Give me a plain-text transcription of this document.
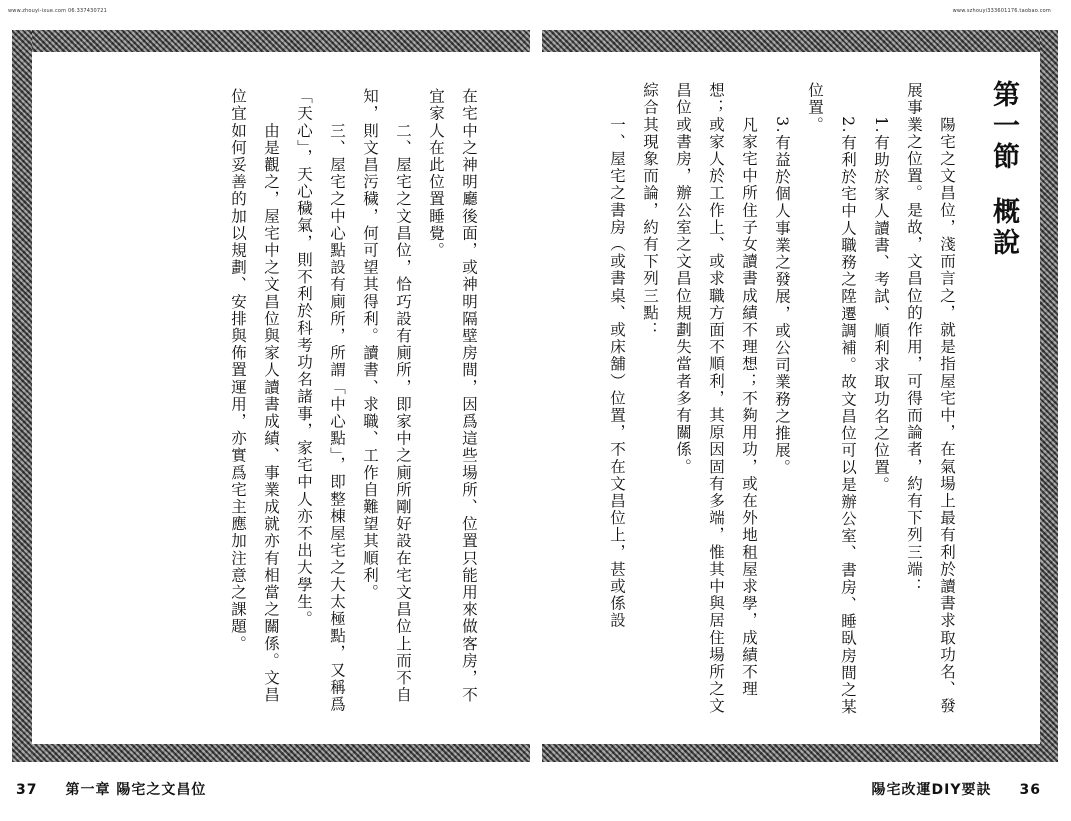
www.zhouyi-ixue.com 06.337430721	www.szhouyi333601176.taobao.com

在宅中之神明廳後面，或神明隔壁房間，因爲這些場所、位置只能用來做客房，不宜家人在此位置睡覺。

　　二、屋宅之文昌位，恰巧設有廁所，即家中之廁所剛好設在宅文昌位上而不自知，則文昌污穢，何可望其得利。讀書、求職、工作自難望其順利。

　　三、屋宅之中心點設有廁所，所謂「中心點」，即整棟屋宅之大太極點，又稱爲「天心」，天心穢氣，則不利於科考功名諸事，家宅中人亦不出大學生。

　　由是觀之，屋宅中之文昌位與家人讀書成績、事業成就亦有相當之關係。文昌位宜如何妥善的加以規劃、安排與佈置運用，亦實爲宅主應加注意之課題。	第一節概說

　　陽宅之文昌位，淺而言之，就是指屋宅中，在氣場上最有利於讀書求取功名、發展事業之位置。是故，文昌位的作用，可得而論者，約有下列三端：

　　1.有助於家人讀書、考試、順利求取功名之位置。

　　2.有利於宅中人職務之陞遷調補。故文昌位可以是辦公室、書房、睡臥房間之某位置。

　　3.有益於個人事業之發展，或公司業務之推展。

　　凡家宅中所住子女讀書成績不理想；不夠用功，或在外地租屋求學，成績不理想；或家人於工作上、或求職方面不順利，其原因固有多端，惟其中與居住場所之文昌位或書房，辦公室之文昌位規劃失當者多有關係。

綜合其現象而論，約有下列三點：

　　一、屋宅之書房（或書桌、或床舖）位置，不在文昌位上，甚或係設

37 第一章 陽宅之文昌位	陽宅改運DIY要訣 36
